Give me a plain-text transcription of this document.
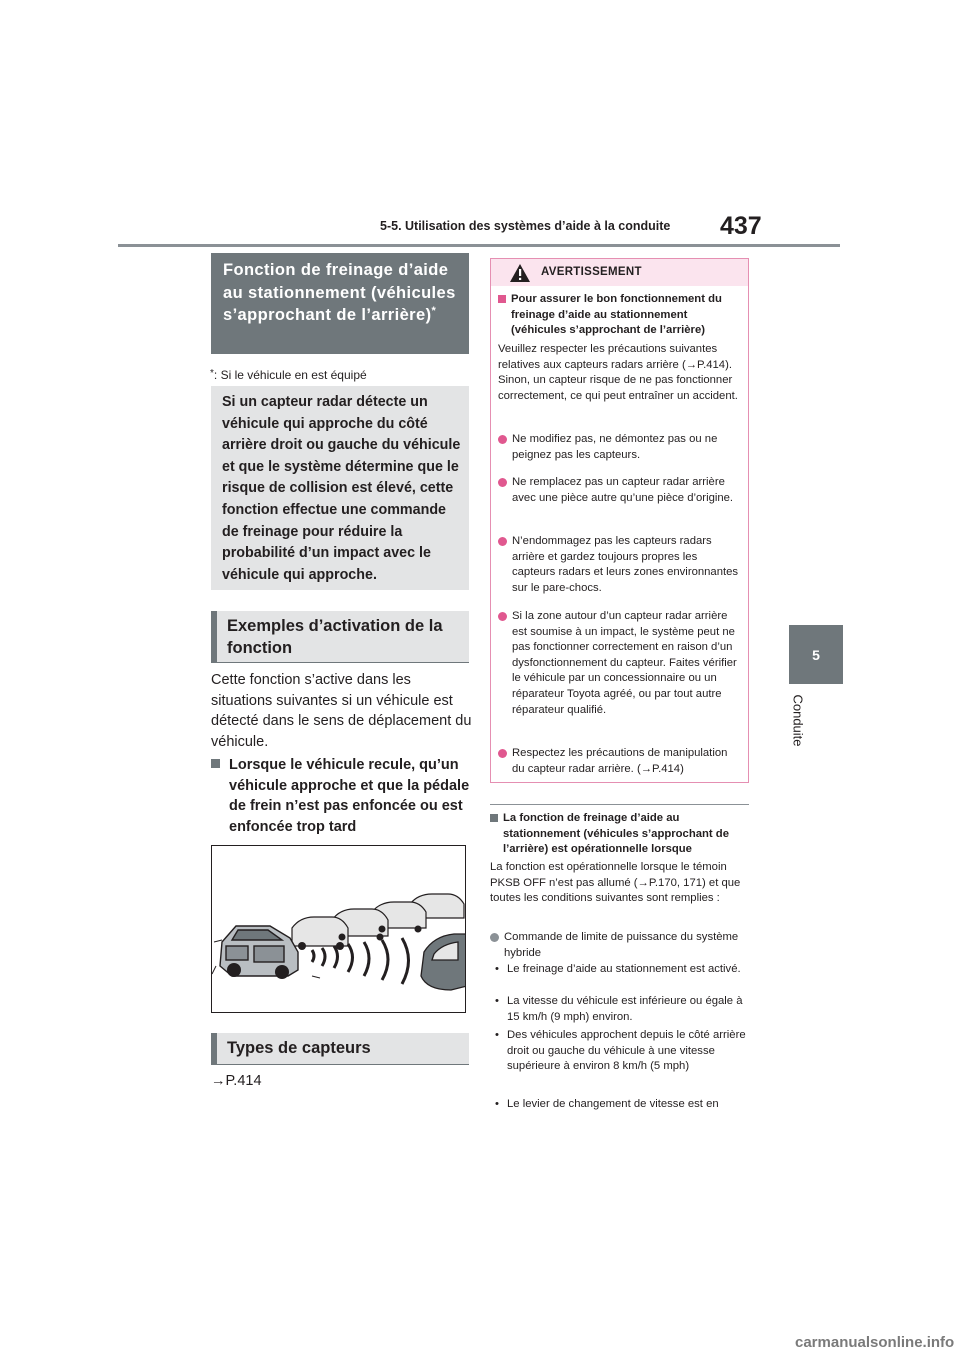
5-5. Utilisation des systèmes d’aide à la conduite 437
5
Conduite
Fonction de freinage d’aide au stationnement (véhicules s’approchant de l’arrière)*
*: Si le véhicule en est équipé
Si un capteur radar détecte un véhicule qui approche du côté arrière droit ou gauche du véhicule et que le système détermine que le risque de collision est élevé, cette fonction effectue une commande de freinage pour réduire la probabilité d’un impact avec le véhicule qui approche.
Exemples d’activation de la fonction
Cette fonction s’active dans les situations suivantes si un véhicule est détecté dans le sens de déplacement du véhicule.
Lorsque le véhicule recule, qu’un véhicule approche et que la pédale de frein n’est pas enfoncée ou est enfoncée trop tard
Types de capteurs
→P.414
AVERTISSEMENT
Pour assurer le bon fonctionnement du freinage d’aide au stationnement (véhicules s’approchant de l’arrière)
Veuillez respecter les précautions suivantes relatives aux capteurs radars arrière (→P.414). Sinon, un capteur risque de ne pas fonctionner correctement, ce qui peut entraîner un accident.
Ne modifiez pas, ne démontez pas ou ne peignez pas les capteurs.
Ne remplacez pas un capteur radar arrière avec une pièce autre qu’une pièce d’origine.
N’endommagez pas les capteurs radars arrière et gardez toujours propres les capteurs radars et leurs zones environnantes sur le pare-chocs.
Si la zone autour d’un capteur radar arrière est soumise à un impact, le système peut ne pas fonctionner correctement en raison d’un dysfonctionnement du capteur. Faites vérifier le véhicule par un concessionnaire ou un réparateur Toyota agréé, ou par tout autre réparateur qualifié.
Respectez les précautions de manipulation du capteur radar arrière. (→P.414)
La fonction de freinage d’aide au stationnement (véhicules s’approchant de l’arrière) est opérationnelle lorsque
La fonction est opérationnelle lorsque le témoin PKSB OFF n’est pas allumé (→P.170, 171) et que toutes les conditions suivantes sont remplies :
Commande de limite de puissance du système hybride
• Le freinage d’aide au stationnement est activé.
• La vitesse du véhicule est inférieure ou égale à 15 km/h (9 mph) environ.
• Des véhicules approchent depuis le côté arrière droit ou gauche du véhicule à une vitesse supérieure à environ 8 km/h (5 mph)
• Le levier de changement de vitesse est en
carmanualsonline.info
